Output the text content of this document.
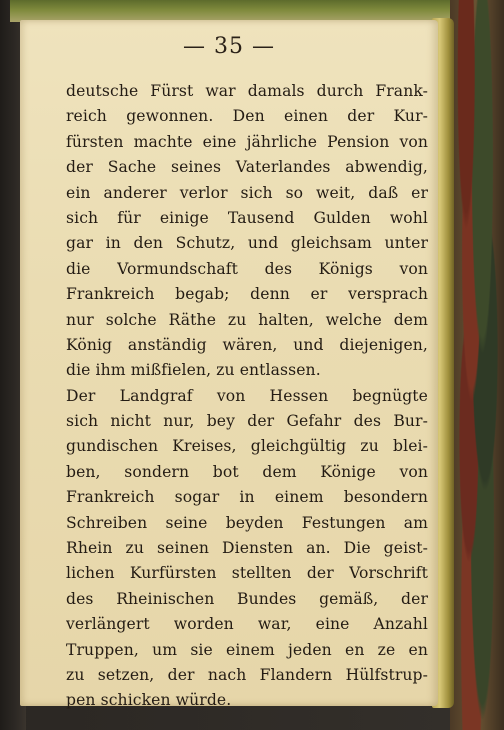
— 35 —
deutsche Fürst war damals durch Frank-
reich gewonnen. Den einen der Kur-
fürsten machte eine jährliche Pension von
der Sache seines Vaterlandes abwendig,
ein anderer verlor sich so weit, daß er
sich für einige Tausend Gulden wohl
gar in den Schutz, und gleichsam unter
die Vormundschaft des Königs von
Frankreich begab; denn er versprach
nur solche Räthe zu halten, welche dem
König anständig wären, und diejenigen,
die ihm mißfielen, zu entlassen.
Der Landgraf von Hessen begnügte
sich nicht nur, bey der Gefahr des Bur-
gundischen Kreises, gleichgültig zu blei-
ben, sondern bot dem Könige von
Frankreich sogar in einem besondern
Schreiben seine beyden Festungen am
Rhein zu seinen Diensten an. Die geist-
lichen Kurfürsten stellten der Vorschrift
des Rheinischen Bundes gemäß, der
verlängert worden war, eine Anzahl
Truppen, um sie einem jeden en ze en
zu setzen, der nach Flandern Hülfstrup-
pen schicken würde.
